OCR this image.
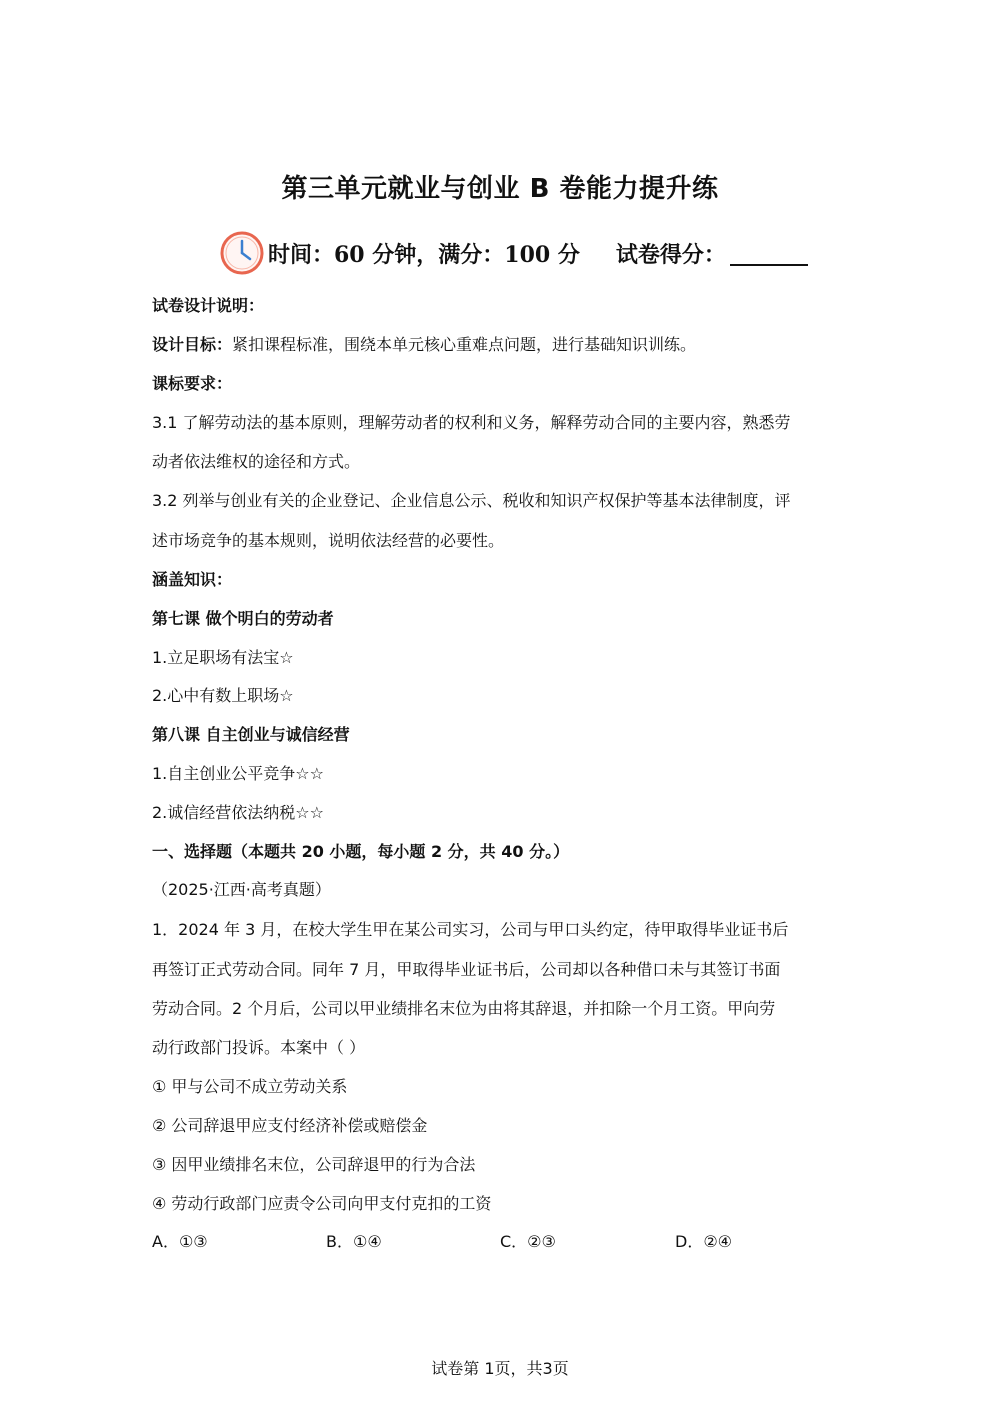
第三单元就业与创业 B 卷能力提升练
时间：60 分钟，满分：100 分 试卷得分：
试卷设计说明：
设计目标：紧扣课程标准，围绕本单元核心重难点问题，进行基础知识训练。
课标要求：
3.1 了解劳动法的基本原则，理解劳动者的权利和义务，解释劳动合同的主要内容，熟悉劳
动者依法维权的途径和方式。
3.2 列举与创业有关的企业登记、企业信息公示、税收和知识产权保护等基本法律制度，评
述市场竞争的基本规则，说明依法经营的必要性。
涵盖知识：
第七课 做个明白的劳动者
1.立足职场有法宝☆
2.心中有数上职场☆
第八课 自主创业与诚信经营
1.自主创业公平竞争☆☆
2.诚信经营依法纳税☆☆
一、选择题（本题共 20 小题，每小题 2 分，共 40 分。）
（2025·江西·高考真题）
1．2024 年 3 月，在校大学生甲在某公司实习，公司与甲口头约定，待甲取得毕业证书后
再签订正式劳动合同。同年 7 月，甲取得毕业证书后，公司却以各种借口未与其签订书面
劳动合同。2 个月后，公司以甲业绩排名末位为由将其辞退，并扣除一个月工资。甲向劳
动行政部门投诉。本案中（ ）
① 甲与公司不成立劳动关系
② 公司辞退甲应支付经济补偿或赔偿金
③ 因甲业绩排名末位，公司辞退甲的行为合法
④ 劳动行政部门应责令公司向甲支付克扣的工资
A．①③	B．①④	C．②③	D．②④
试卷第 1页，共3页
